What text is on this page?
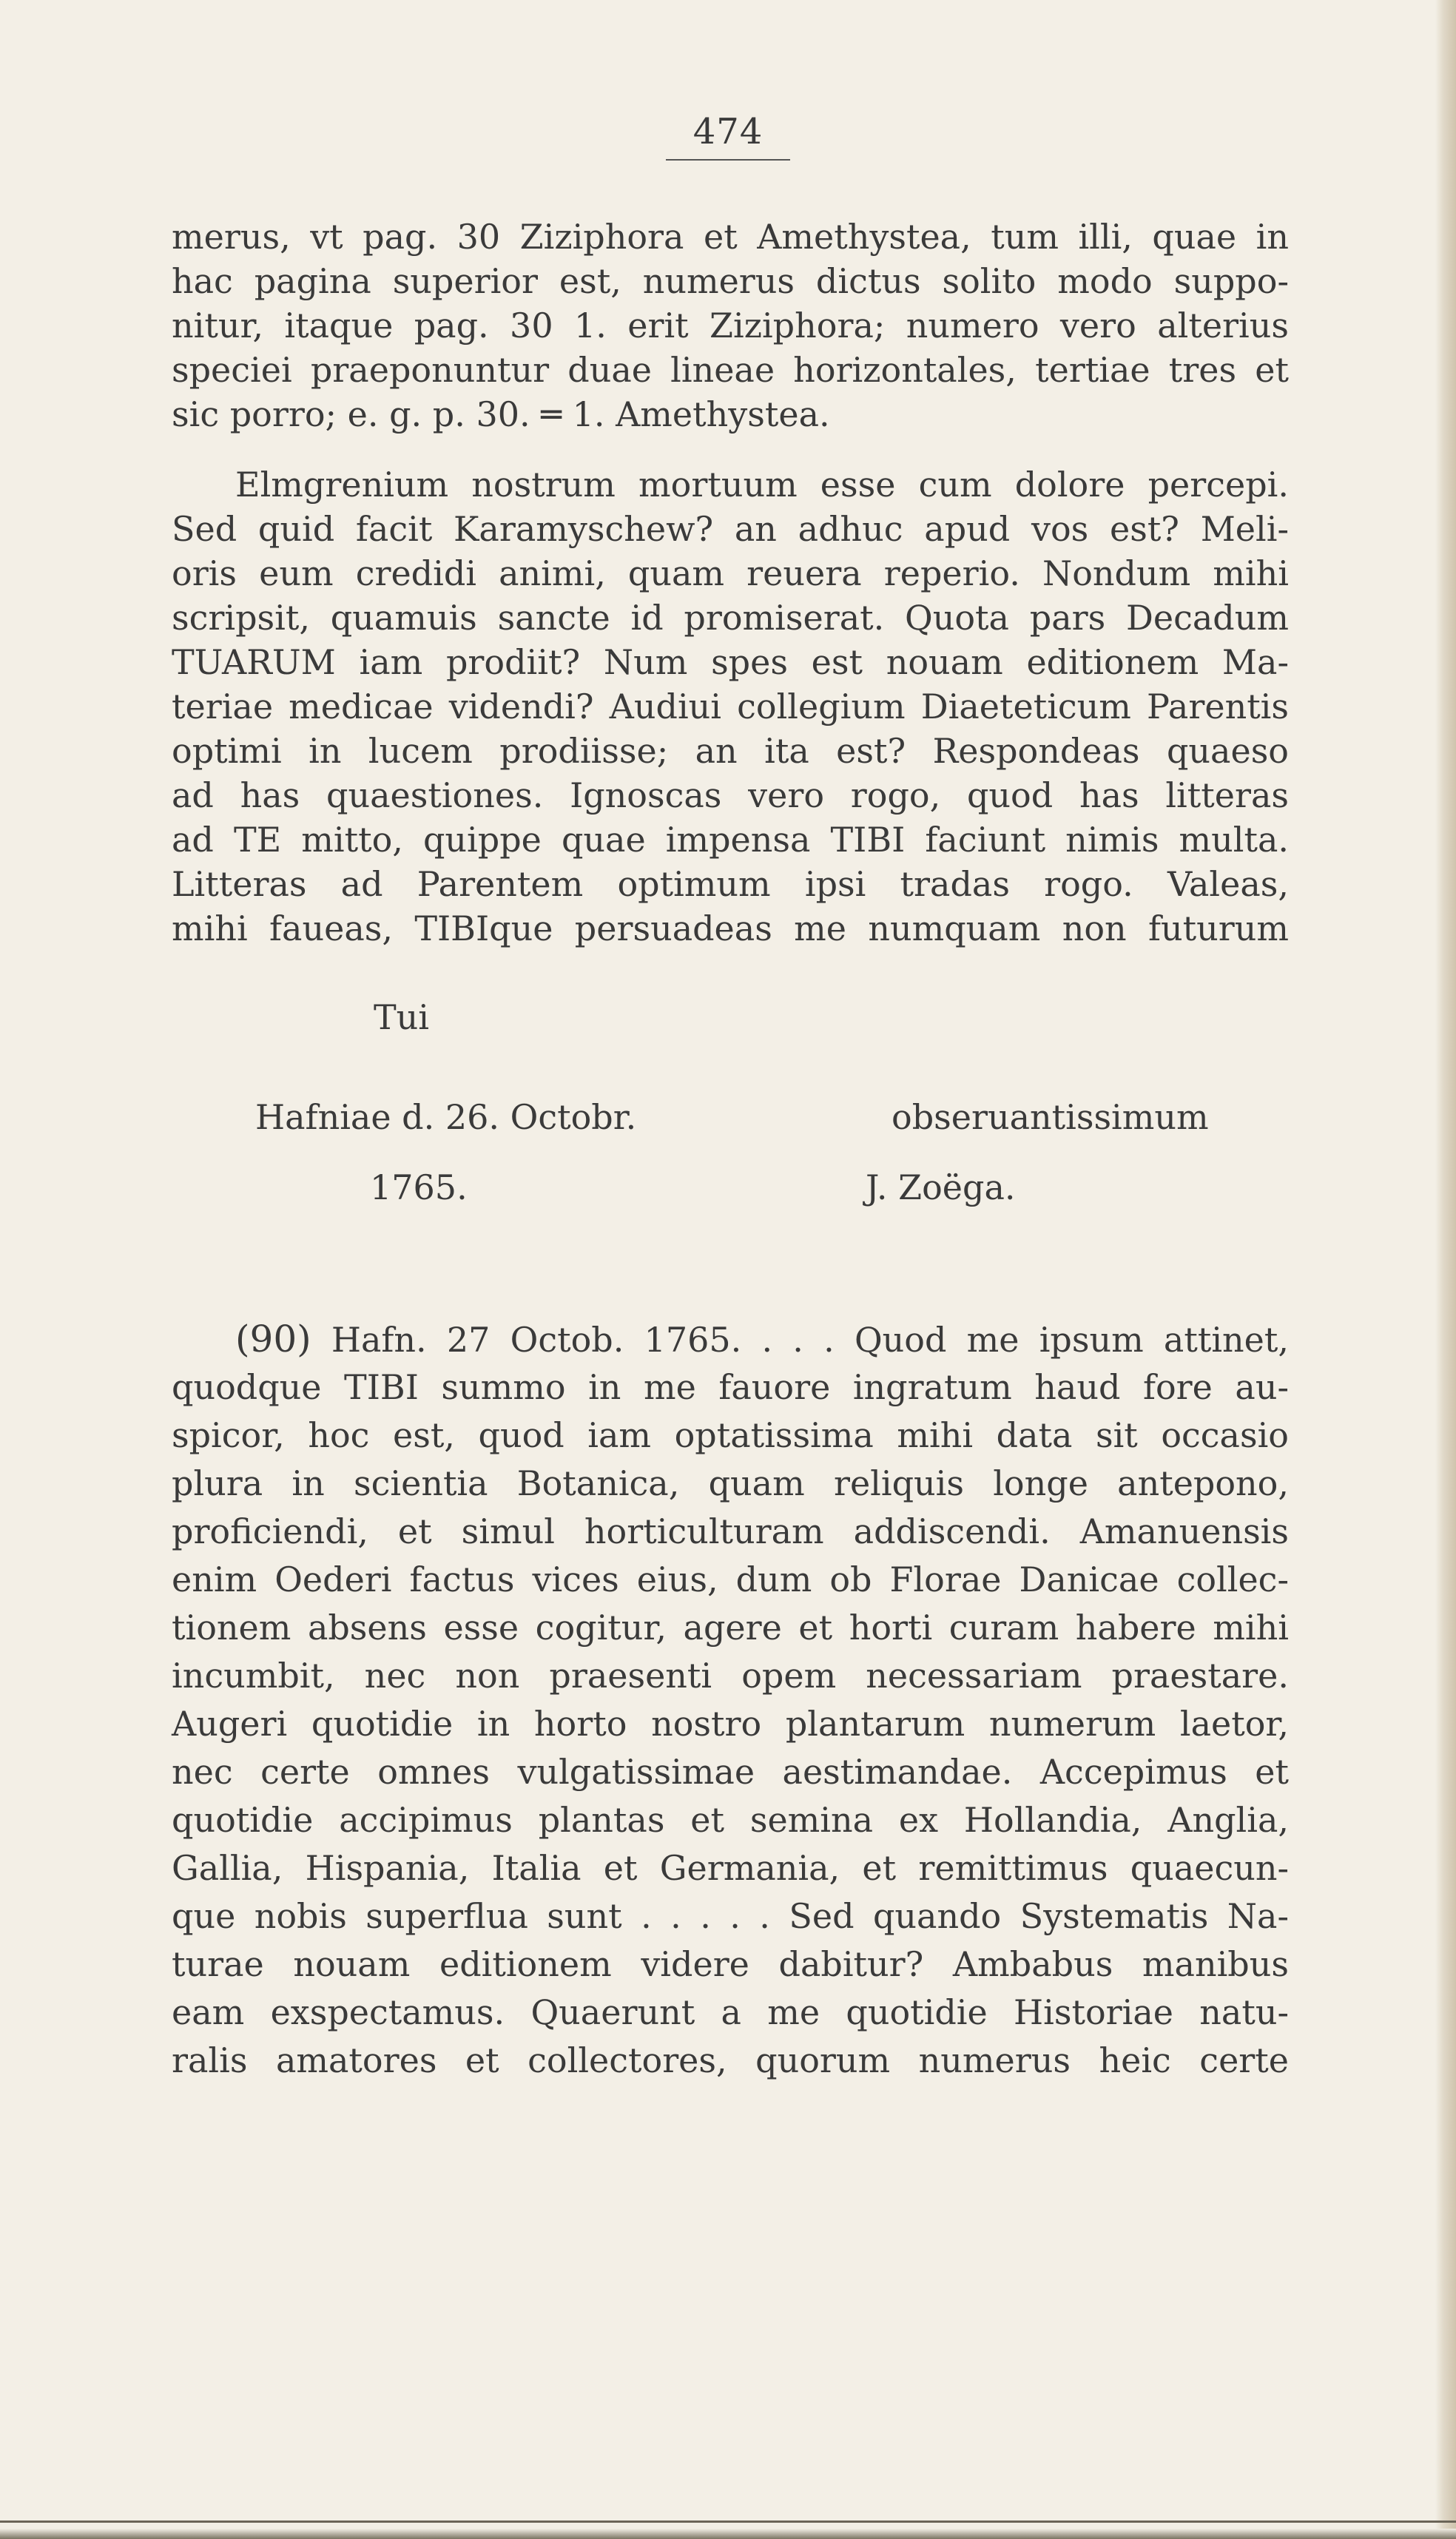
474
merus, vt pag. 30 Ziziphora et Amethystea, tum illi, quae in
hac pagina superior est, numerus dictus solito modo suppo-
nitur, itaque pag. 30 1. erit Ziziphora; numero vero alterius
speciei praeponuntur duae lineae horizontales, tertiae tres et
sic porro; e. g. p. 30. ═ 1. Amethystea.
Elmgrenium nostrum mortuum esse cum dolore percepi.
Sed quid facit Karamyschew? an adhuc apud vos est? Meli-
oris eum credidi animi, quam reuera reperio. Nondum mihi
scripsit, quamuis sancte id promiserat. Quota pars Decadum
TUARUM iam prodiit? Num spes est nouam editionem Ma-
teriae medicae videndi? Audiui collegium Diaeteticum Parentis
optimi in lucem prodiisse; an ita est? Respondeas quaeso
ad has quaestiones. Ignoscas vero rogo, quod has litteras
ad TE mitto, quippe quae impensa TIBI faciunt nimis multa.
Litteras ad Parentem optimum ipsi tradas rogo. Valeas,
mihi faueas, TIBIque persuadeas me numquam non futurum
Tui
Hafniae d. 26. Octobr.	obseruantissimum
1765.	J. Zoëga.
(90) Hafn. 27 Octob. 1765. . . . Quod me ipsum attinet,
quodque TIBI summo in me fauore ingratum haud fore au-
spicor, hoc est, quod iam optatissima mihi data sit occasio
plura in scientia Botanica, quam reliquis longe antepono,
proficiendi, et simul horticulturam addiscendi. Amanuensis
enim Oederi factus vices eius, dum ob Florae Danicae collec-
tionem absens esse cogitur, agere et horti curam habere mihi
incumbit, nec non praesenti opem necessariam praestare.
Augeri quotidie in horto nostro plantarum numerum laetor,
nec certe omnes vulgatissimae aestimandae. Accepimus et
quotidie accipimus plantas et semina ex Hollandia, Anglia,
Gallia, Hispania, Italia et Germania, et remittimus quaecun-
que nobis superflua sunt . . . . . Sed quando Systematis Na-
turae nouam editionem videre dabitur? Ambabus manibus
eam exspectamus. Quaerunt a me quotidie Historiae natu-
ralis amatores et collectores, quorum numerus heic certe
